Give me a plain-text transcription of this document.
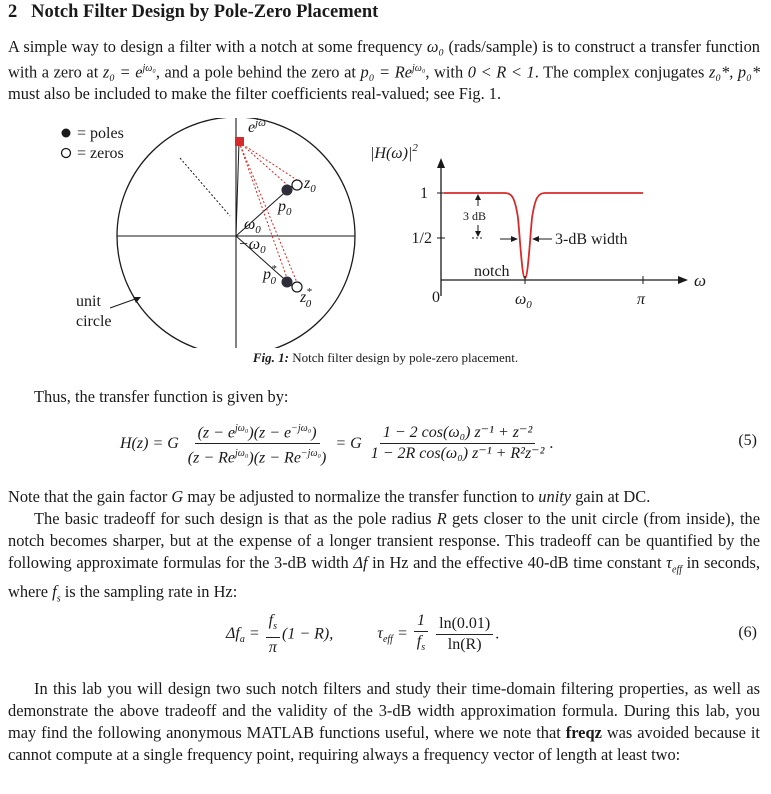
2 Notch Filter Design by Pole-Zero Placement
A simple way to design a filter with a notch at some frequency ω₀ (rads/sample) is to construct a transfer function with a zero at $z_0 = e^{j\omega_0}$, and a pole behind the zero at $p_0 = Re^{j\omega_0}$, with 0 < R < 1. The complex conjugates z₀*, p₀* must also be included to make the filter coefficients real-valued; see Fig. 1.
= poles
= zeros
$e^{j\omega}$
$z_0$
$p_0$
$\omega_0$
$-\omega_0$
p* 0
z* 0
unit
circle
$|H(\omega)|^2$
1
1/2
0
3 dB
3-dB width
notch
$\omega_0$	π
ω
Fig. 1: Notch filter design by pole-zero placement.
Thus, the transfer function is given by:
H(z) = G $\frac{(z - e^{j\omega_0})(z - e^{-j\omega_0})}{(z - Re^{j\omega_0})(z - Re^{-j\omega_0})} = G \frac{\text{1 − 2 cos(ω₀) z⁻¹ + z⁻²}}{\text{1 − 2R cos(ω₀) z⁻¹ + R²z⁻²}}$ .	(5)
Note that the gain factor G may be adjusted to normalize the transfer function to unity gain at DC.
The basic tradeoff for such design is that as the pole radius R gets closer to the unit circle (from inside), the notch becomes sharper, but at the expense of a longer transient response. This tradeoff can be quantified by the following approximate formulas for the 3-dB width Δf in Hz and the effective 40-dB time constant $\tau_{eff}$ in seconds, where $f_s$ is the sampling rate in Hz:
$\Delta f_a = \frac{f_s}{\pi} (1 - R)$,	$\tau_{eff} = \frac{1}{f_s}$
$\frac{\ln(0.01)}{\ln(R)}$ .	(6)
In this lab you will design two such notch filters and study their time-domain filtering properties, as well as demonstrate the above tradeoff and the validity of the 3-dB width approximation formula. During this lab, you may find the following anonymous MATLAB functions useful, where we note that freqz was avoided because it cannot compute at a single frequency point, requiring always a frequency vector of length at least two:
